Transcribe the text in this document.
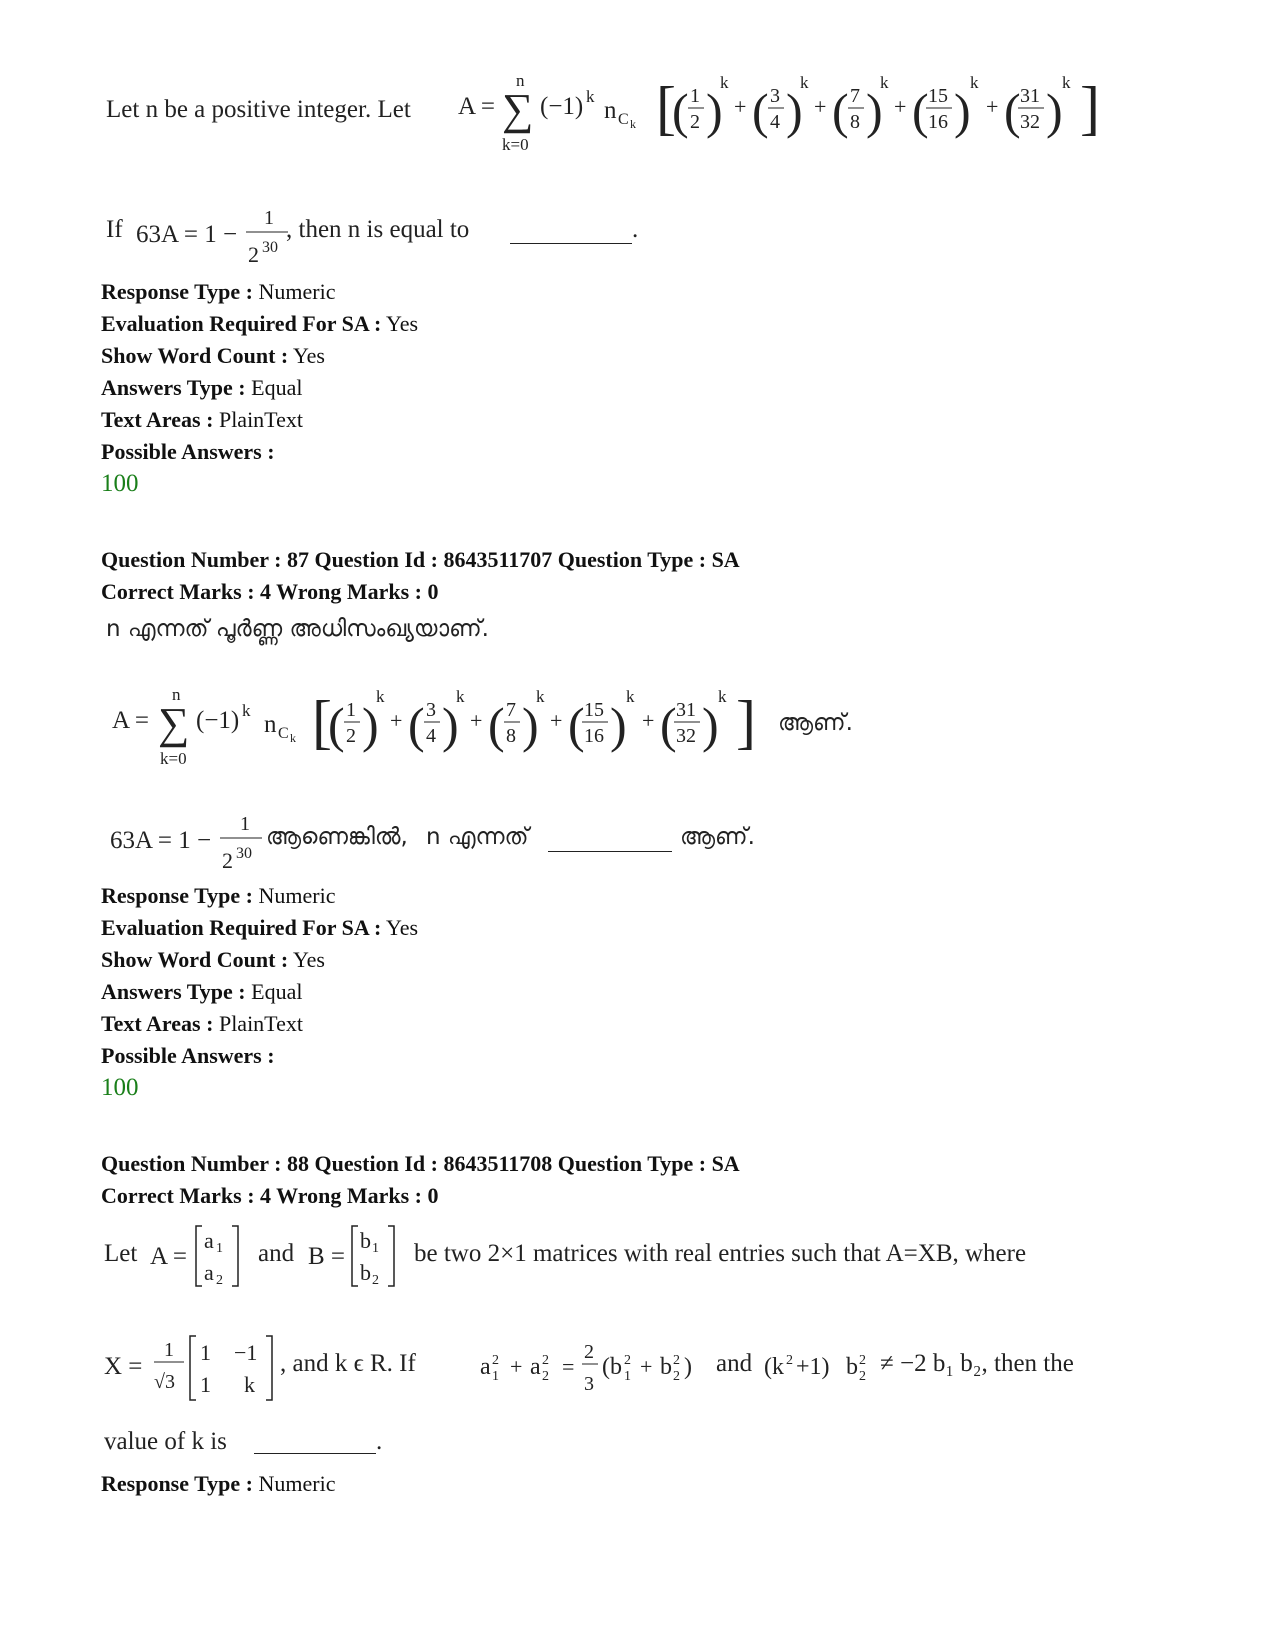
Let n be a positive integer. Let A =
n
∑
k=0
(−1) k
n C k [
( 1
2 )
k
+ ( 3
4 )
k
+ ( 7
8 )
k
+ ( 15
16 )
k
+ ( 31
32 )
k ]
If 63A = 1 −
1
2 30
, then n is equal to	.
Response Type : Numeric
Evaluation Required For SA : Yes
Show Word Count : Yes
Answers Type : Equal
Text Areas : PlainText
Possible Answers :
100
Question Number : 87 Question Id : 8643511707 Question Type : SA
Correct Marks : 4 Wrong Marks : 0
n എന്നത് പൂർണ്ണ അധിസംഖ്യയാണ്.
A =
n
∑
k=0
(−1) k
n C k [
( 1
2 )
k
+ ( 3
4 )
k
+ ( 7
8 )
k
+ ( 15
16 )
k
+ ( 31
32 )
k ] ആണ്.
63A = 1 −
1
2 30
ആണെങ്കിൽ, n എന്നത്	ആണ്.
Response Type : Numeric
Evaluation Required For SA : Yes
Show Word Count : Yes
Answers Type : Equal
Text Areas : PlainText
Possible Answers :
100
Question Number : 88 Question Id : 8643511708 Question Type : SA
Correct Marks : 4 Wrong Marks : 0
Let A =
a 1
a 2
and B =
b 1
b 2
be two 2×1 matrices with real entries such that A=XB, where
X =
1
√3
1 −1
1 k
, and k ϵ R. If	a 2
1 + a 2
2 =
2
3
(b 2
1 + b 2
2 ) and (k 2 +1) b 2
2 ≠ −2 b₁ b₂, then the
value of k is	.
Response Type : Numeric
